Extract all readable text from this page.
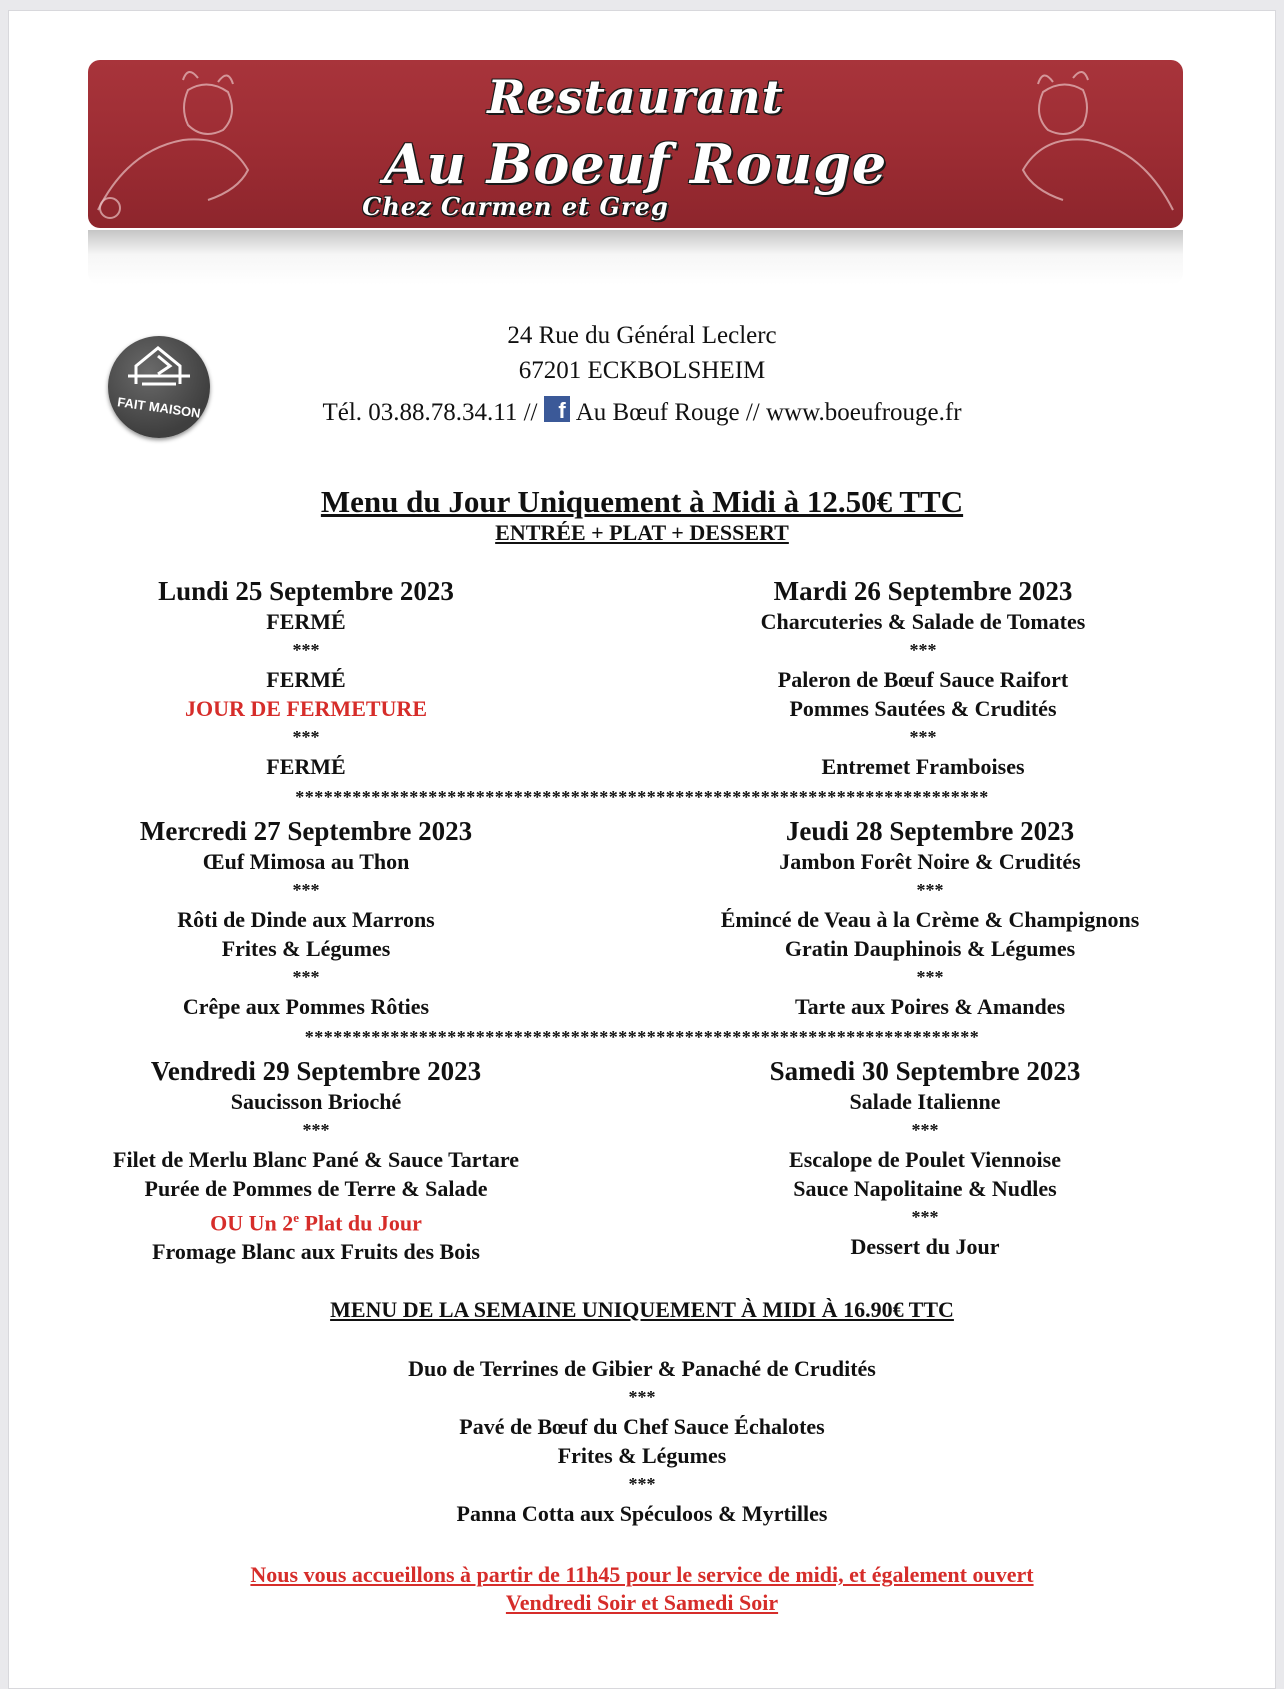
Restaurant
Au Boeuf Rouge
Chez Carmen et Greg
FAIT MAISON
24 Rue du Général Leclerc
67201 ECKBOLSHEIM
Tél. 03.88.78.34.11 // f Au Bœuf Rouge // www.boeufrouge.fr
Menu du Jour Uniquement à Midi à 12.50€ TTC
ENTRÉE + PLAT + DESSERT
Lundi 25 Septembre 2023
FERMÉ
***
FERMÉ
JOUR DE FERMETURE
***
FERMÉ
Mardi 26 Septembre 2023
Charcuteries & Salade de Tomates
***
Paleron de Bœuf Sauce Raifort
Pommes Sautées & Crudités
***
Entremet Framboises
*************************************************************************
Mercredi 27 Septembre 2023
Œuf Mimosa au Thon
***
Rôti de Dinde aux Marrons
Frites & Légumes
***
Crêpe aux Pommes Rôties
Jeudi 28 Septembre 2023
Jambon Forêt Noire & Crudités
***
Émincé de Veau à la Crème & Champignons
Gratin Dauphinois & Légumes
***
Tarte aux Poires & Amandes
***********************************************************************
Vendredi 29 Septembre 2023
Saucisson Brioché
***
Filet de Merlu Blanc Pané & Sauce Tartare
Purée de Pommes de Terre & Salade
OU Un 2e Plat du Jour
Fromage Blanc aux Fruits des Bois
Samedi 30 Septembre 2023
Salade Italienne
***
Escalope de Poulet Viennoise
Sauce Napolitaine & Nudles
***
Dessert du Jour
MENU DE LA SEMAINE UNIQUEMENT À MIDI À 16.90€ TTC
Duo de Terrines de Gibier & Panaché de Crudités
***
Pavé de Bœuf du Chef Sauce Échalotes
Frites & Légumes
***
Panna Cotta aux Spéculoos & Myrtilles
Nous vous accueillons à partir de 11h45 pour le service de midi, et également ouvert
Vendredi Soir et Samedi Soir
